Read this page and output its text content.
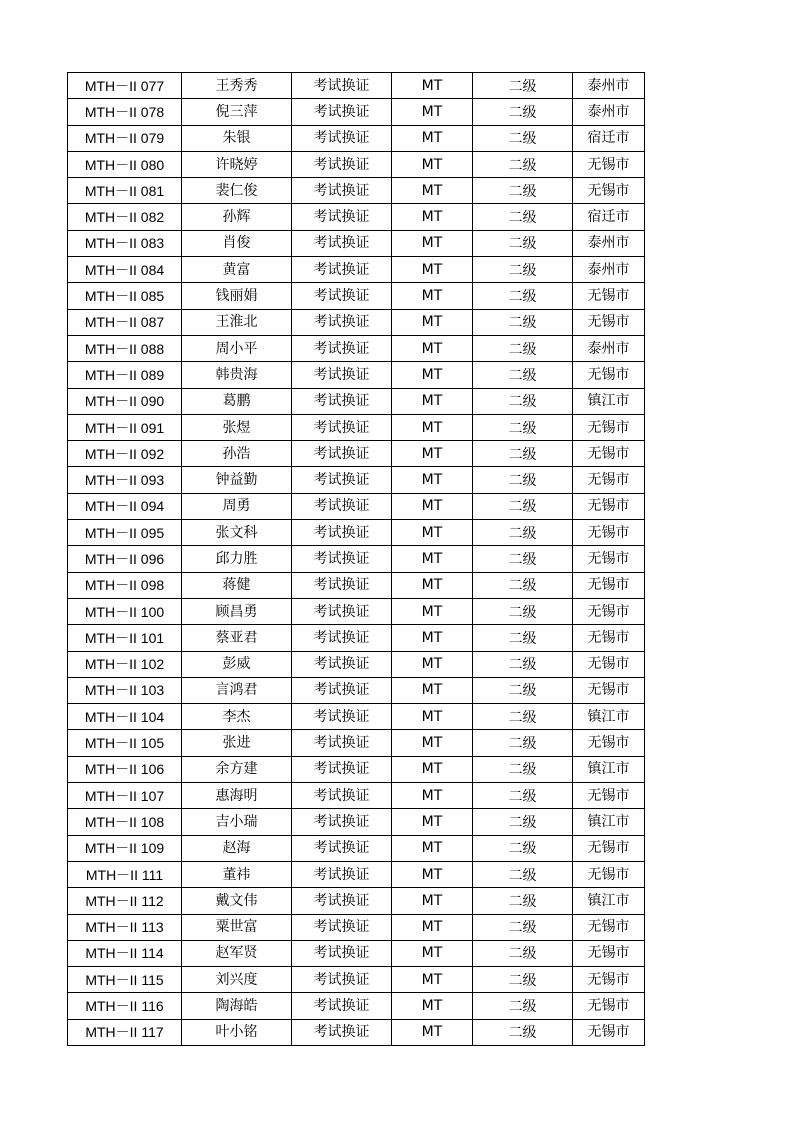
MTH－II 077	王秀秀	考试换证	MT	二级	泰州市
MTH－II 078	倪三萍	考试换证	MT	二级	泰州市
MTH－II 079	朱银	考试换证	MT	二级	宿迁市
MTH－II 080	许晓婷	考试换证	MT	二级	无锡市
MTH－II 081	裴仁俊	考试换证	MT	二级	无锡市
MTH－II 082	孙辉	考试换证	MT	二级	宿迁市
MTH－II 083	肖俊	考试换证	MT	二级	泰州市
MTH－II 084	黄富	考试换证	MT	二级	泰州市
MTH－II 085	钱丽娟	考试换证	MT	二级	无锡市
MTH－II 087	王淮北	考试换证	MT	二级	无锡市
MTH－II 088	周小平	考试换证	MT	二级	泰州市
MTH－II 089	韩贵海	考试换证	MT	二级	无锡市
MTH－II 090	葛鹏	考试换证	MT	二级	镇江市
MTH－II 091	张煜	考试换证	MT	二级	无锡市
MTH－II 092	孙浩	考试换证	MT	二级	无锡市
MTH－II 093	钟益勤	考试换证	MT	二级	无锡市
MTH－II 094	周勇	考试换证	MT	二级	无锡市
MTH－II 095	张文科	考试换证	MT	二级	无锡市
MTH－II 096	邱力胜	考试换证	MT	二级	无锡市
MTH－II 098	蒋健	考试换证	MT	二级	无锡市
MTH－II 100	顾昌勇	考试换证	MT	二级	无锡市
MTH－II 101	蔡亚君	考试换证	MT	二级	无锡市
MTH－II 102	彭威	考试换证	MT	二级	无锡市
MTH－II 103	言鸿君	考试换证	MT	二级	无锡市
MTH－II 104	李杰	考试换证	MT	二级	镇江市
MTH－II 105	张进	考试换证	MT	二级	无锡市
MTH－II 106	余方建	考试换证	MT	二级	镇江市
MTH－II 107	惠海明	考试换证	MT	二级	无锡市
MTH－II 108	吉小瑞	考试换证	MT	二级	镇江市
MTH－II 109	赵海	考试换证	MT	二级	无锡市
MTH－II 111	董祎	考试换证	MT	二级	无锡市
MTH－II 112	戴文伟	考试换证	MT	二级	镇江市
MTH－II 113	粟世富	考试换证	MT	二级	无锡市
MTH－II 114	赵军贤	考试换证	MT	二级	无锡市
MTH－II 115	刘兴度	考试换证	MT	二级	无锡市
MTH－II 116	陶海皓	考试换证	MT	二级	无锡市
MTH－II 117	叶小铭	考试换证	MT	二级	无锡市
